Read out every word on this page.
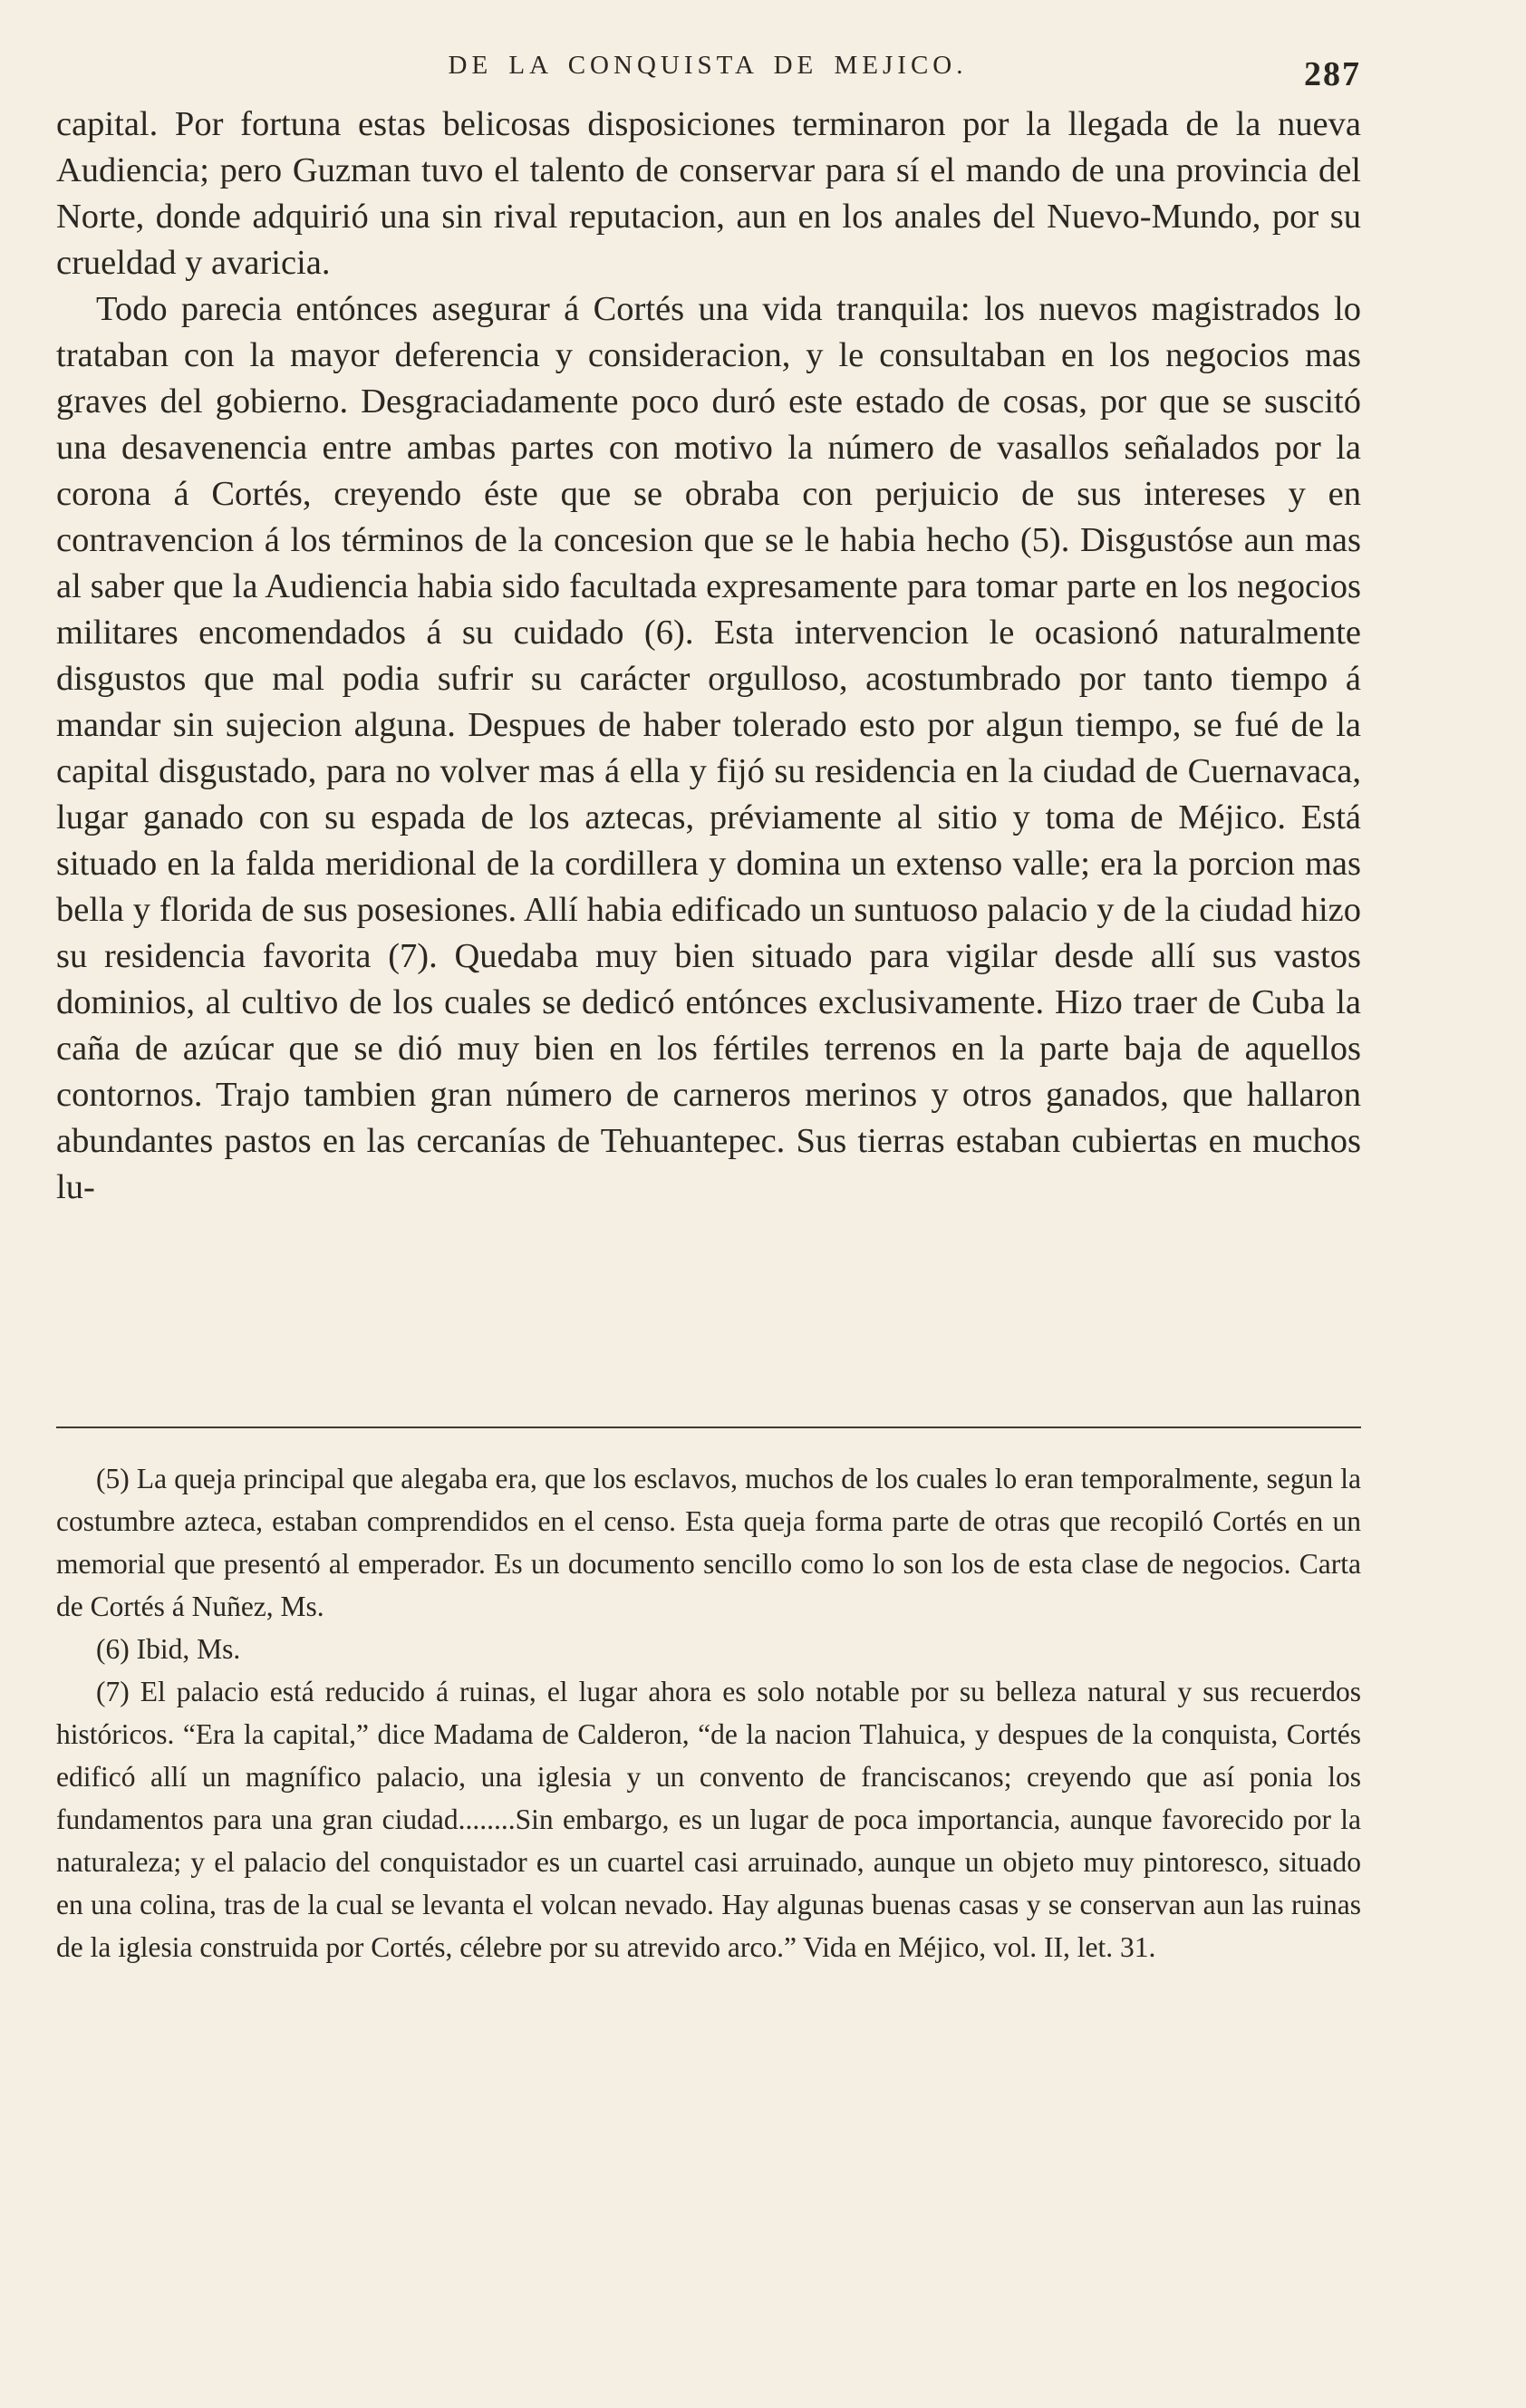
DE LA CONQUISTA DE MEJICO.	287

capital. Por fortuna estas belicosas disposiciones terminaron por la llegada de la nueva Audiencia; pero Guzman tuvo el talento de conservar para sí el mando de una provincia del Norte, donde adquirió una sin rival reputacion, aun en los anales del Nuevo-Mundo, por su crueldad y avaricia.

Todo parecia entónces asegurar á Cortés una vida tranquila: los nuevos magistrados lo trataban con la mayor deferencia y consideracion, y le consultaban en los negocios mas graves del gobierno. Desgraciadamente poco duró este estado de cosas, por que se suscitó una desavenencia entre ambas partes con motivo la número de vasallos señalados por la corona á Cortés, creyendo éste que se obraba con perjuicio de sus intereses y en contravencion á los términos de la concesion que se le habia hecho (5). Disgustóse aun mas al saber que la Audiencia habia sido facultada expresamente para tomar parte en los negocios militares encomendados á su cuidado (6). Esta intervencion le ocasionó naturalmente disgustos que mal podia sufrir su carácter orgulloso, acostumbrado por tanto tiempo á mandar sin sujecion alguna. Despues de haber tolerado esto por algun tiempo, se fué de la capital disgustado, para no volver mas á ella y fijó su residencia en la ciudad de Cuernavaca, lugar ganado con su espada de los aztecas, préviamente al sitio y toma de Méjico. Está situado en la falda meridional de la cordillera y domina un extenso valle; era la porcion mas bella y florida de sus posesiones. Allí habia edificado un suntuoso palacio y de la ciudad hizo su residencia favorita (7). Quedaba muy bien situado para vigilar desde allí sus vastos dominios, al cultivo de los cuales se dedicó entónces exclusivamente. Hizo traer de Cuba la caña de azúcar que se dió muy bien en los fértiles terrenos en la parte baja de aquellos contornos. Trajo tambien gran número de carneros merinos y otros ganados, que hallaron abundantes pastos en las cercanías de Tehuantepec. Sus tierras estaban cubiertas en muchos lu-

(5) La queja principal que alegaba era, que los esclavos, muchos de los cuales lo eran temporalmente, segun la costumbre azteca, estaban comprendidos en el censo. Esta queja forma parte de otras que recopiló Cortés en un memorial que presentó al emperador. Es un documento sencillo como lo son los de esta clase de negocios. Carta de Cortés á Nuñez, Ms.

(6) Ibid, Ms.

(7) El palacio está reducido á ruinas, el lugar ahora es solo notable por su belleza natural y sus recuerdos históricos. “Era la capital,” dice Madama de Calderon, “de la nacion Tlahuica, y despues de la conquista, Cortés edificó allí un magnífico palacio, una iglesia y un convento de franciscanos; creyendo que así ponia los fundamentos para una gran ciudad........Sin embargo, es un lugar de poca importancia, aunque favorecido por la naturaleza; y el palacio del conquistador es un cuartel casi arruinado, aunque un objeto muy pintoresco, situado en una colina, tras de la cual se levanta el volcan nevado. Hay algunas buenas casas y se conservan aun las ruinas de la iglesia construida por Cortés, célebre por su atrevido arco.” Vida en Méjico, vol. II, let. 31.
